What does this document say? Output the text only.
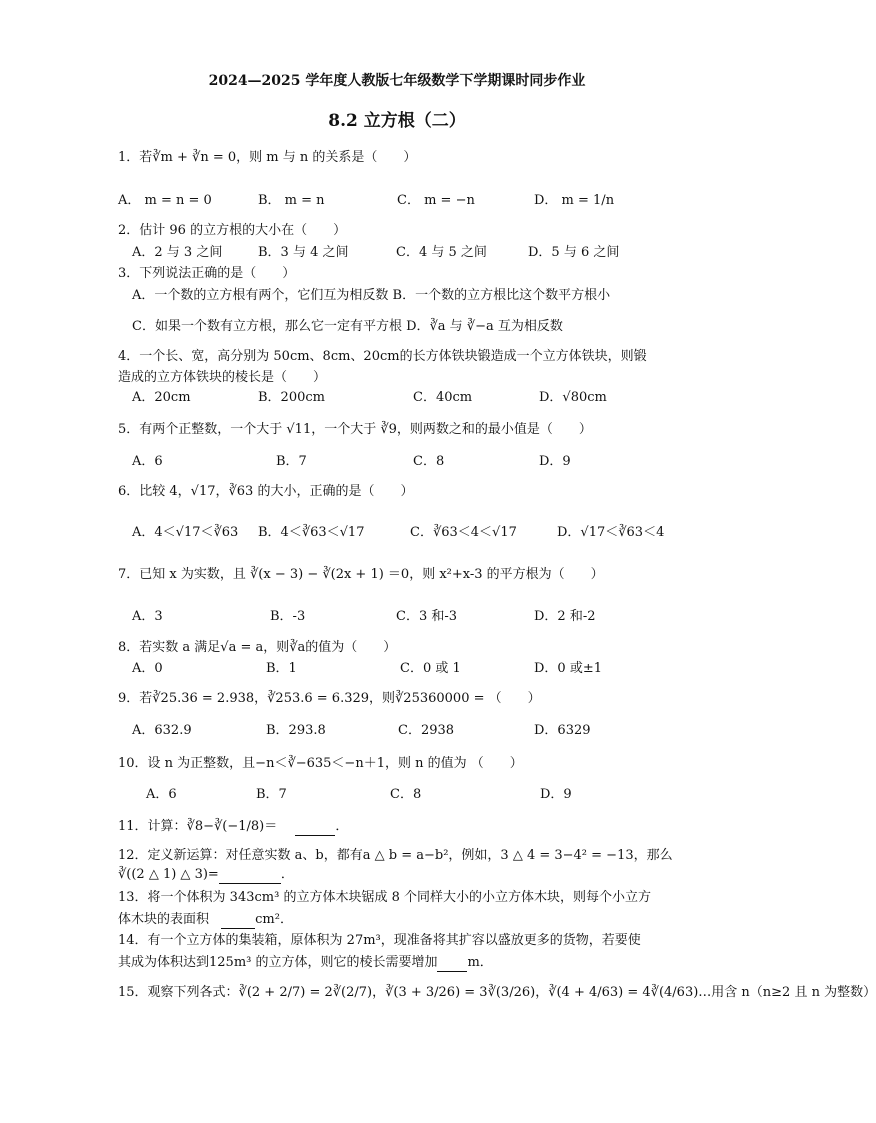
2024—2025 学年度人教版七年级数学下学期课时同步作业
8.2 立方根（二）
1．若∛m + ∛n = 0，则 m 与 n 的关系是（　　）
A． m = n = 0	B． m = n	C． m = −n	D． m = 1/n
2．估计 96 的立方根的大小在（　　）
A．2 与 3 之间	B．3 与 4 之间	C．4 与 5 之间	D．5 与 6 之间
3．下列说法正确的是（　　）
A．一个数的立方根有两个，它们互为相反数 B．一个数的立方根比这个数平方根小
C．如果一个数有立方根，那么它一定有平方根 D．∛a 与 ∛−a 互为相反数
4．一个长、宽，高分别为 50cm、8cm、20cm的长方体铁块锻造成一个立方体铁块，则锻
造成的立方体铁块的棱长是（　　）
A．20cm	B．200cm	C．40cm	D．√80cm
5．有两个正整数，一个大于 √11，一个大于 ∛9，则两数之和的最小值是（　　）
A．6	B．7	C．8	D．9
6．比较 4，√17，∛63 的大小，正确的是（　　）
A．4＜√17＜∛63 B．4＜∛63＜√17	C．∛63＜4＜√17	D．√17＜∛63＜4
7．已知 x 为实数，且 ∛(x − 3) − ∛(2x + 1) ＝0，则 x²+x-3 的平方根为（　　）
A．3	B．-3	C．3 和-3	D．2 和-2
8．若实数 a 满足√a = a，则∛a的值为（　　）
A．0	B．1	C．0 或 1	D．0 或±1
9．若∛25.36 = 2.938，∛253.6 = 6.329，则∛25360000 = （　　）
A．632.9	B．293.8	C．2938	D．6329
10．设 n 为正整数，且−n＜∛−635＜−n＋1，则 n 的值为 （　　）
A．6	B．7	C．8	D．9
11．计算：∛8−∛(−1/8)＝	．
12．定义新运算：对任意实数 a、b，都有a △ b = a−b²，例如，3 △ 4 = 3−4² = −13，那么
∛((2 △ 1) △ 3)=	．
13．将一个体积为 343cm³ 的立方体木块锯成 8 个同样大小的小立方体木块，则每个小立方
体木块的表面积	cm²．
14．有一个立方体的集装箱，原体积为 27m³，现准备将其扩容以盛放更多的货物，若要使
其成为体积达到125m³ 的立方体，则它的棱长需要增加 m．
15．观察下列各式：∛(2 + 2/7) = 2∛(2/7)，∛(3 + 3/26) = 3∛(3/26)，∛(4 + 4/63) = 4∛(4/63)…用含 n（n≥2 且 n 为整数）
